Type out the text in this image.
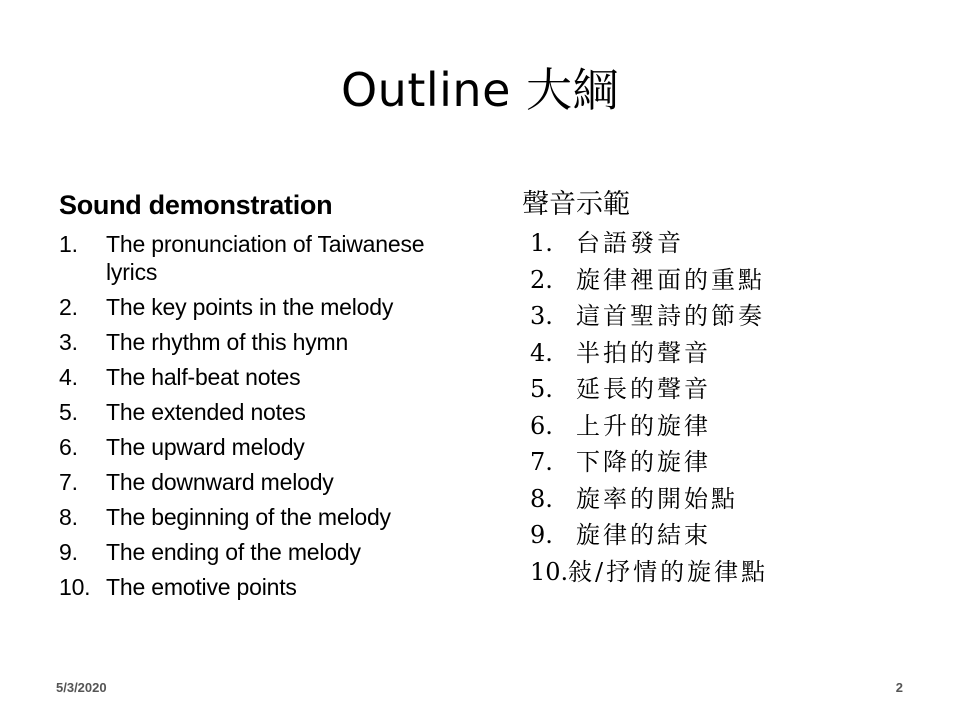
Outline 大綱
Sound demonstration
1.	The pronunciation of Taiwanese lyrics
2.	The key points in the melody
3.	The rhythm of this hymn
4.	The half-beat notes
5.	The extended notes
6.	The upward melody
7.	The downward melody
8.	The beginning of the melody
9.	The ending of the melody
10. The emotive points
聲音示範
1. 台語發音
2. 旋律裡面的重點
3. 這首聖詩的節奏
4. 半拍的聲音
5. 延長的聲音
6. 上升的旋律
7. 下降的旋律
8. 旋率的開始點
9. 旋律的結束
10. 敍/抒情的旋律點
5/3/2020	2
